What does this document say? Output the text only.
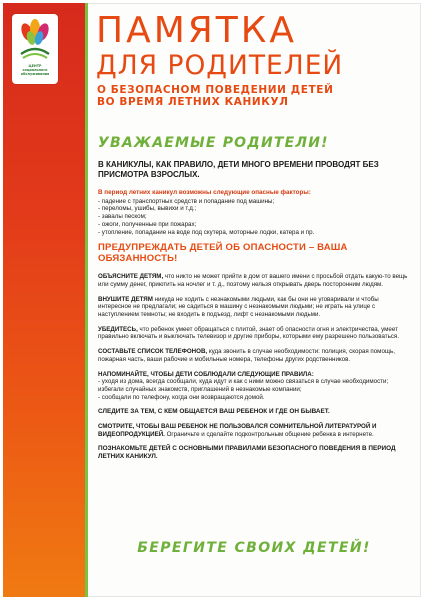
ЦЕНТР
социального
обслуживания
ПАМЯТКА
ДЛЯ РОДИТЕЛЕЙ
О БЕЗОПАСНОМ ПОВЕДЕНИИ ДЕТЕЙ
ВО ВРЕМЯ ЛЕТНИХ КАНИКУЛ
УВАЖАЕМЫЕ РОДИТЕЛИ!

В КАНИКУЛЫ, КАК ПРАВИЛО, ДЕТИ МНОГО ВРЕМЕНИ ПРОВОДЯТ БЕЗ ПРИСМОТРА ВЗРОСЛЫХ.

В период летних каникул возможны следующие опасные факторы:
- падение с транспортных средств и попадание под машины;
- переломы, ушибы, вывихи и т.д.;
- завалы песком;
- ожоги, полученные при пожарах;
- утопление, попадание на воде под скутера, моторные лодки, катера и пр.
ПРЕДУПРЕЖДАТЬ ДЕТЕЙ ОБ ОПАСНОСТИ – ВАША ОБЯЗАННОСТЬ!

ОБЪЯСНИТЕ ДЕТЯМ, что никто не может прийти в дом от вашего имени с просьбой отдать какую-то вещь или сумму денег, приютить на ночлег и т. д., поэтому нельзя открывать дверь посторонним людям.

ВНУШИТЕ ДЕТЯМ никуда не ходить с незнакомыми людьми, как бы они не уговаривали и чтобы интересное не предлагали; не садиться в машину с незнакомыми людьми; не играть на улице с наступлением темноты; не входить в подъезд, лифт с незнакомыми людьми.

УБЕДИТЕСЬ, что ребенок умеет обращаться с плитой, знает об опасности огня и электричества, умеет правильно включать и выключать телевизор и другие приборы, которыми ему разрешено пользоваться.

СОСТАВЬТЕ СПИСОК ТЕЛЕФОНОВ, куда звонить в случае необходимости: полиция, скорая помощь, пожарная часть, ваши рабочие и мобильные номера, телефоны других родственников.

НАПОМИНАЙТЕ, ЧТОБЫ ДЕТИ СОБЛЮДАЛИ СЛЕДУЮЩИЕ ПРАВИЛА:
- уходя из дома, всегда сообщали, куда идут и как с ними можно связаться в случае необходимости;
избегали случайных знакомств, приглашений в незнакомые компании;
- сообщали по телефону, когда они возвращаются домой.

СЛЕДИТЕ ЗА ТЕМ, С КЕМ ОБЩАЕТСЯ ВАШ РЕБЕНОК И ГДЕ ОН БЫВАЕТ.

СМОТРИТЕ, ЧТОБЫ ВАШ РЕБЕНОК НЕ ПОЛЬЗОВАЛСЯ СОМНИТЕЛЬНОЙ ЛИТЕРАТУРОЙ И ВИДЕОПРОДУКЦИЕЙ. Ограничьте и сделайте подконтрольным общение ребенка в интернете.

ПОЗНАКОМЬТЕ ДЕТЕЙ С ОСНОВНЫМИ ПРАВИЛАМИ БЕЗОПАСНОГО ПОВЕДЕНИЯ В ПЕРИОД ЛЕТНИХ КАНИКУЛ.

БЕРЕГИТЕ СВОИХ ДЕТЕЙ!
